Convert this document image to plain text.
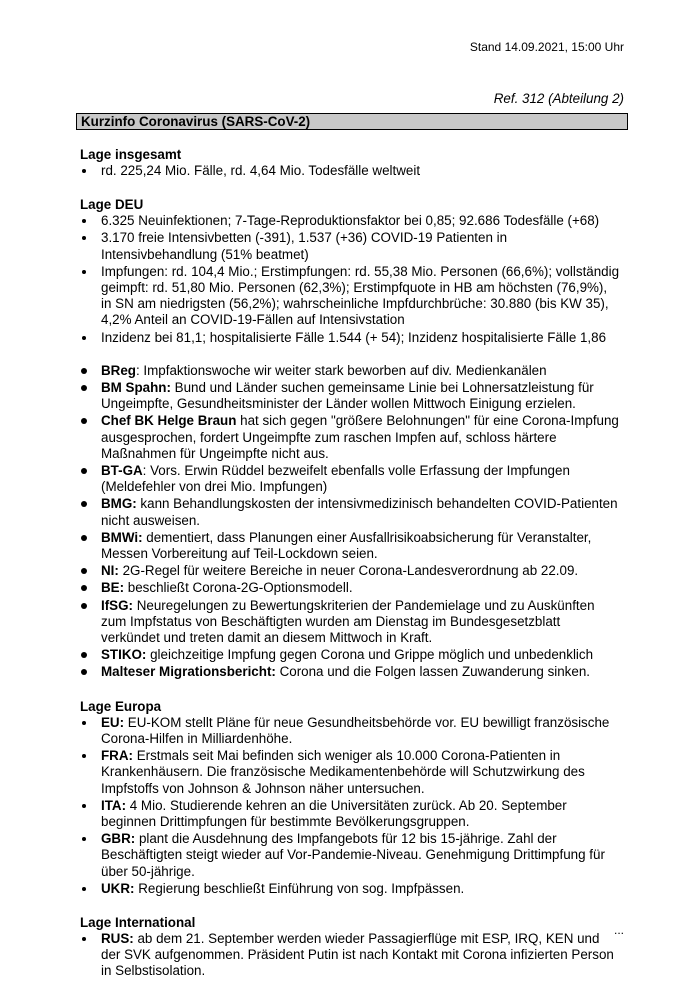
Stand 14.09.2021, 15:00 Uhr
Ref. 312 (Abteilung 2)
Kurzinfo Coronavirus (SARS-CoV-2)
Lage insgesamt
rd. 225,24 Mio. Fälle, rd. 4,64 Mio. Todesfälle weltweit
Lage DEU
6.325 Neuinfektionen; 7-Tage-Reproduktionsfaktor bei 0,85; 92.686 Todesfälle (+68)
3.170 freie Intensivbetten (-391), 1.537 (+36) COVID-19 Patienten in Intensivbehandlung (51% beatmet)
Impfungen: rd. 104,4 Mio.; Erstimpfungen: rd. 55,38 Mio. Personen (66,6%); vollständig geimpft: rd. 51,80 Mio. Personen (62,3%); Erstimpfquote in HB am höchsten (76,9%), in SN am niedrigsten (56,2%); wahrscheinliche Impfdurchbrüche: 30.880 (bis KW 35), 4,2% Anteil an COVID-19-Fällen auf Intensivstation
Inzidenz bei 81,1; hospitalisierte Fälle 1.544 (+ 54); Inzidenz hospitalisierte Fälle 1,86
BReg: Impfaktionswoche wir weiter stark beworben auf div. Medienkanälen
BM Spahn: Bund und Länder suchen gemeinsame Linie bei Lohnersatzleistung für Ungeimpfte, Gesundheitsminister der Länder wollen Mittwoch Einigung erzielen.
Chef BK Helge Braun hat sich gegen "größere Belohnungen" für eine Corona-Impfung ausgesprochen, fordert Ungeimpfte zum raschen Impfen auf, schloss härtere Maßnahmen für Ungeimpfte nicht aus.
BT-GA: Vors. Erwin Rüddel bezweifelt ebenfalls volle Erfassung der Impfungen (Meldefehler von drei Mio. Impfungen)
BMG: kann Behandlungskosten der intensivmedizinisch behandelten COVID-Patienten nicht ausweisen.
BMWi: dementiert, dass Planungen einer Ausfallrisikoabsicherung für Veranstalter, Messen Vorbereitung auf Teil-Lockdown seien.
NI: 2G-Regel für weitere Bereiche in neuer Corona-Landesverordnung ab 22.09.
BE: beschließt Corona-2G-Optionsmodell.
IfSG: Neuregelungen zu Bewertungskriterien der Pandemielage und zu Auskünften zum Impfstatus von Beschäftigten wurden am Dienstag im Bundesgesetzblatt verkündet und treten damit an diesem Mittwoch in Kraft.
STIKO: gleichzeitige Impfung gegen Corona und Grippe möglich und unbedenklich
Malteser Migrationsbericht: Corona und die Folgen lassen Zuwanderung sinken.
Lage Europa
EU: EU-KOM stellt Pläne für neue Gesundheitsbehörde vor. EU bewilligt französische Corona-Hilfen in Milliardenhöhe.
FRA: Erstmals seit Mai befinden sich weniger als 10.000 Corona-Patienten in Krankenhäusern. Die französische Medikamentenbehörde will Schutzwirkung des Impfstoffs von Johnson & Johnson näher untersuchen.
ITA: 4 Mio. Studierende kehren an die Universitäten zurück. Ab 20. September beginnen Drittimpfungen für bestimmte Bevölkerungsgruppen.
GBR: plant die Ausdehnung des Impfangebots für 12 bis 15-jährige. Zahl der Beschäftigten steigt wieder auf Vor-Pandemie-Niveau. Genehmigung Drittimpfung für über 50-jährige.
UKR: Regierung beschließt Einführung von sog. Impfpässen.
Lage International
RUS: ab dem 21. September werden wieder Passagierflüge mit ESP, IRQ, KEN und der SVK aufgenommen. Präsident Putin ist nach Kontakt mit Corona infizierten Person in Selbstisolation.
...
